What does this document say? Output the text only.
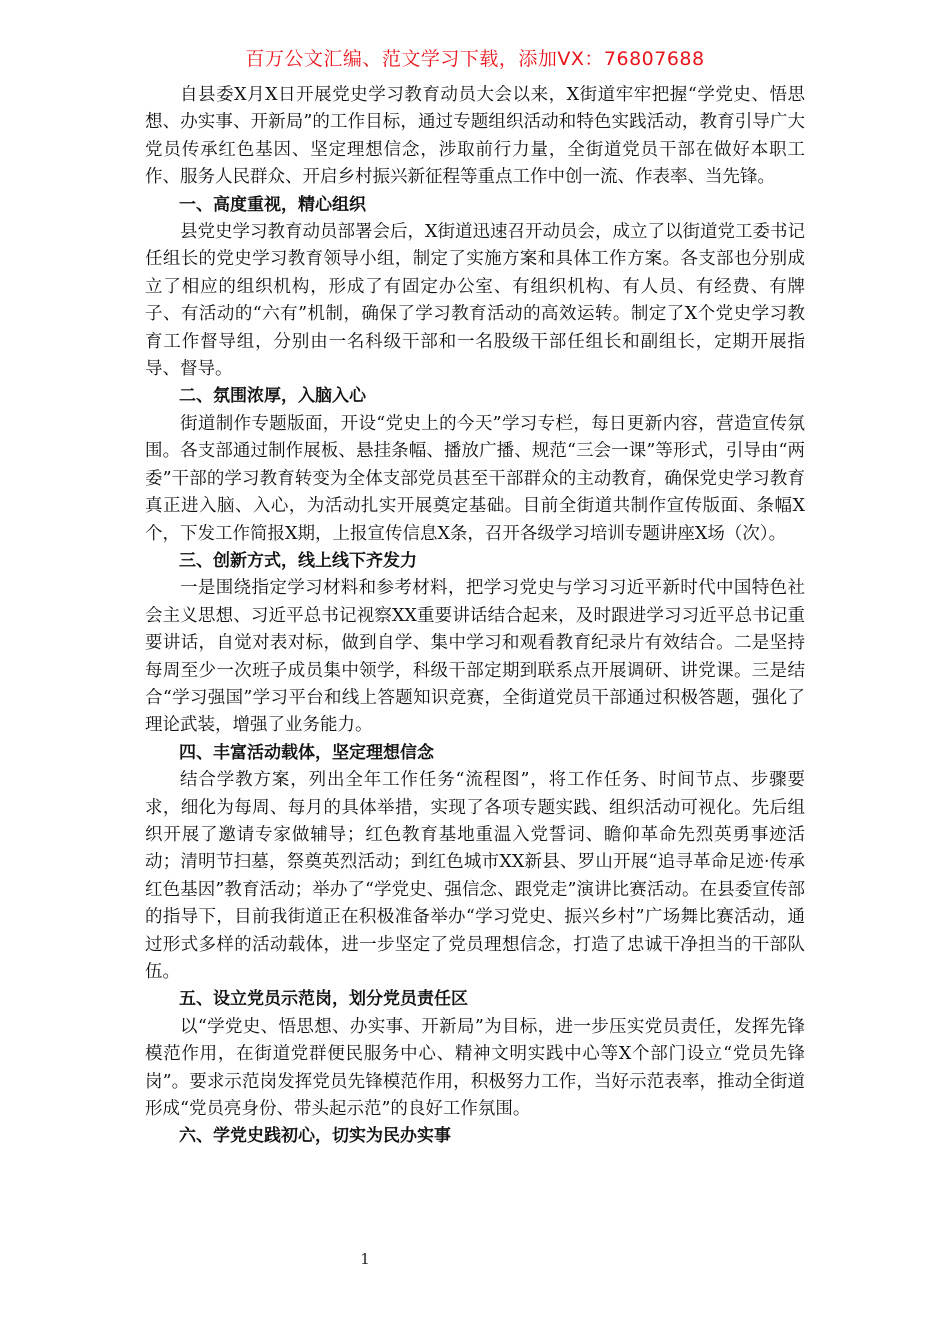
百万公文汇编、范文学习下载，添加VX：76807688

自县委X月X日开展党史学习教育动员大会以来，X街道牢牢把握“学党史、悟思想、办实事、开新局”的工作目标，通过专题组织活动和特色实践活动，教育引导广大党员传承红色基因、坚定理想信念，涉取前行力量，全街道党员干部在做好本职工作、服务人民群众、开启乡村振兴新征程等重点工作中创一流、作表率、当先锋。

一、高度重视，精心组织

县党史学习教育动员部署会后，X街道迅速召开动员会，成立了以街道党工委书记任组长的党史学习教育领导小组，制定了实施方案和具体工作方案。各支部也分别成立了相应的组织机构，形成了有固定办公室、有组织机构、有人员、有经费、有牌子、有活动的“六有”机制，确保了学习教育活动的高效运转。制定了X个党史学习教育工作督导组，分别由一名科级干部和一名股级干部任组长和副组长，定期开展指导、督导。

二、氛围浓厚，入脑入心

街道制作专题版面，开设“党史上的今天”学习专栏，每日更新内容，营造宣传氛围。各支部通过制作展板、悬挂条幅、播放广播、规范“三会一课”等形式，引导由“两委”干部的学习教育转变为全体支部党员甚至干部群众的主动教育，确保党史学习教育真正进入脑、入心，为活动扎实开展奠定基础。目前全街道共制作宣传版面、条幅X个，下发工作简报X期，上报宣传信息X条，召开各级学习培训专题讲座X场（次）。

三、创新方式，线上线下齐发力

一是围绕指定学习材料和参考材料，把学习党史与学习习近平新时代中国特色社会主义思想、习近平总书记视察XX重要讲话结合起来，及时跟进学习习近平总书记重要讲话，自觉对表对标，做到自学、集中学习和观看教育纪录片有效结合。二是坚持每周至少一次班子成员集中领学，科级干部定期到联系点开展调研、讲党课。三是结合“学习强国”学习平台和线上答题知识竞赛，全街道党员干部通过积极答题，强化了理论武装，增强了业务能力。

四、丰富活动载体，坚定理想信念

结合学教方案，列出全年工作任务“流程图”，将工作任务、时间节点、步骤要求，细化为每周、每月的具体举措，实现了各项专题实践、组织活动可视化。先后组织开展了邀请专家做辅导；红色教育基地重温入党誓词、瞻仰革命先烈英勇事迹活动；清明节扫墓，祭奠英烈活动；到红色城市XX新县、罗山开展“追寻革命足迹·传承红色基因”教育活动；举办了“学党史、强信念、跟党走”演讲比赛活动。在县委宣传部的指导下，目前我街道正在积极准备举办“学习党史、振兴乡村”广场舞比赛活动，通过形式多样的活动载体，进一步坚定了党员理想信念，打造了忠诚干净担当的干部队伍。

五、设立党员示范岗，划分党员责任区

以“学党史、悟思想、办实事、开新局”为目标，进一步压实党员责任，发挥先锋模范作用，在街道党群便民服务中心、精神文明实践中心等X个部门设立“党员先锋岗”。要求示范岗发挥党员先锋模范作用，积极努力工作，当好示范表率，推动全街道形成“党员亮身份、带头起示范”的良好工作氛围。

六、学党史践初心，切实为民办实事

1
